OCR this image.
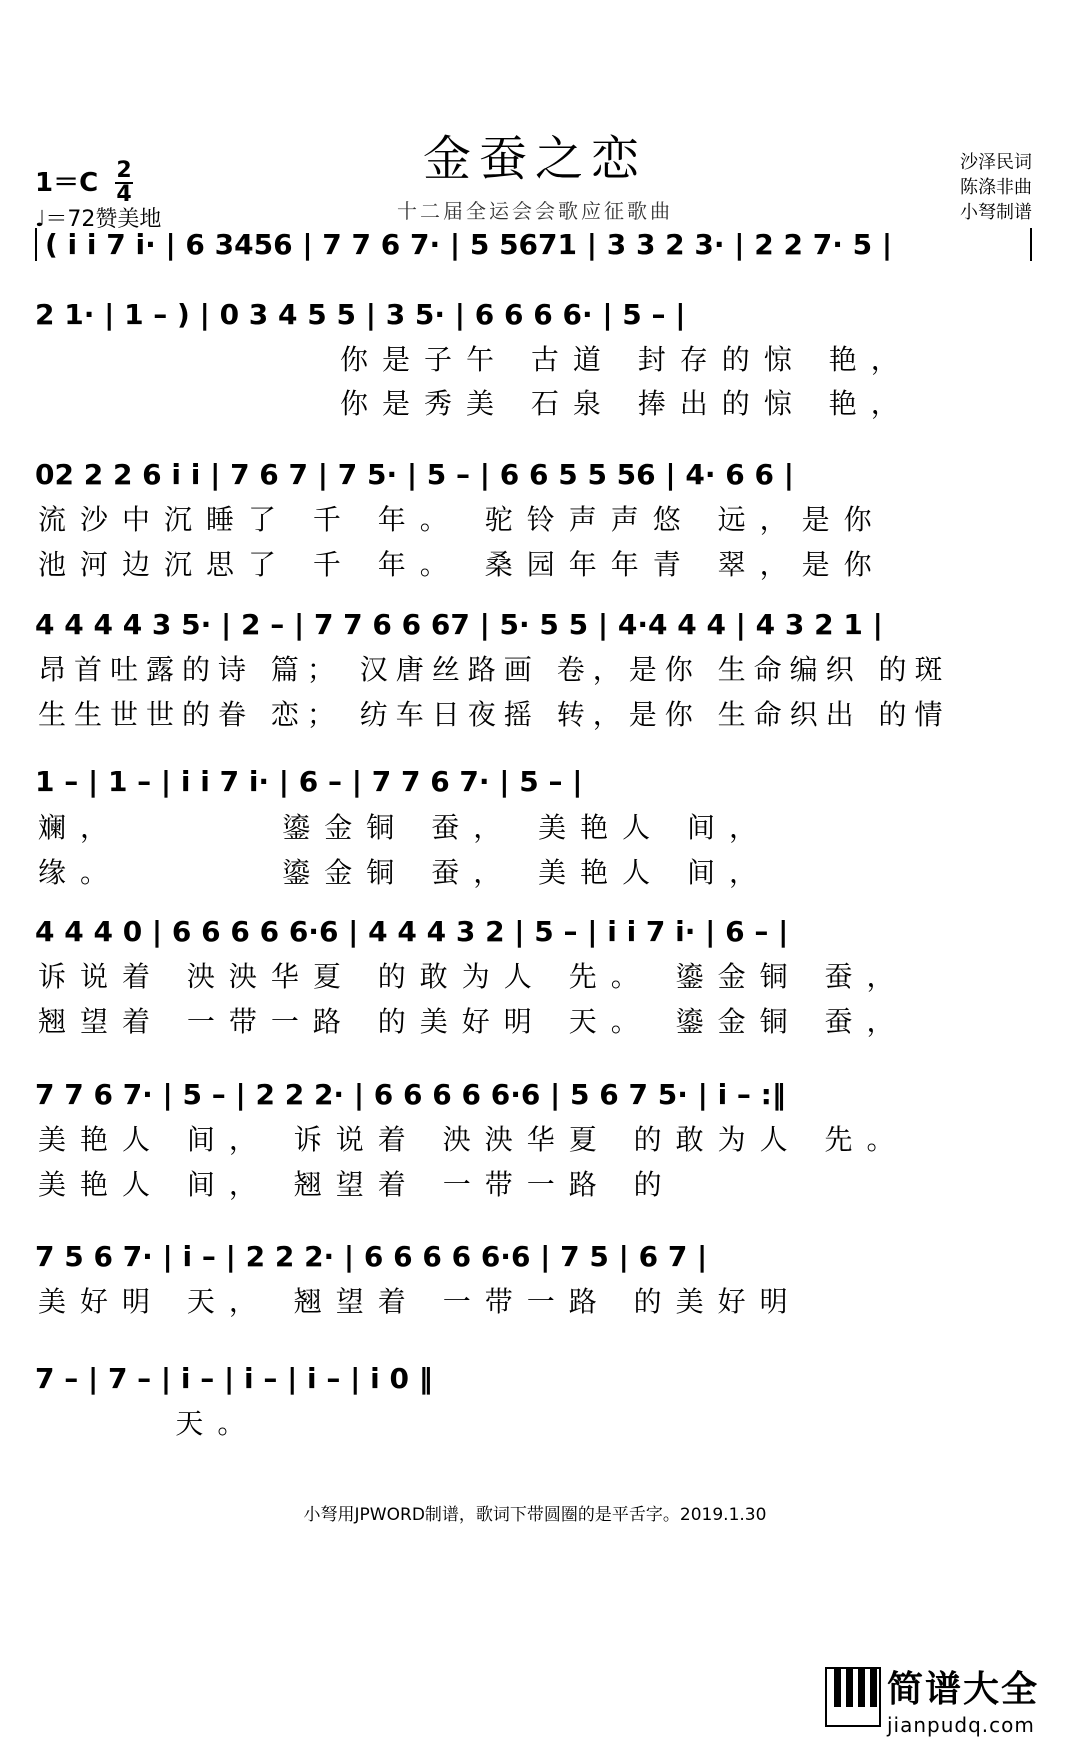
金蚕之恋
十二届全运会会歌应征歌曲
沙泽民词
陈涤非曲
小弩制谱
1＝C 2
4
♩＝72赞美地
( i i 7 i· | 6 3456 | 7 7 6 7· | 5 5671 | 3 3 2 3· | 2 2 7· 5 |
2 1· | 1 – ) | 0 3 4 5 5 | 3 5· | 6 6 6 6· | 5 – |
你是子午 古道 封存的惊 艳，
你是秀美 石泉 捧出的惊 艳，
02 2 2 6 i i | 7 6 7 | 7 5· | 5 – | 6 6 5 5 56 | 4· 6 6 |
流沙中沉睡了 千 年。 驼铃声声悠 远，是你
池河边沉思了 千 年。 桑园年年青 翠，是你
4 4 4 4 3 5· | 2 – | 7 7 6 6 67 | 5· 5 5 | 4·4 4 4 | 4 3 2 1 |
昂首吐露的诗 篇； 汉唐丝路画 卷，是你 生命编织 的斑
生生世世的眷 恋； 纺车日夜摇 转，是你 生命织出 的情
1 – | 1 – | i i 7 i· | 6 – | 7 7 6 7· | 5 – |
斓，       鎏金铜 蚕， 美艳人 间，
缘。       鎏金铜 蚕， 美艳人 间，
4 4 4 0 | 6 6 6 6 6·6 | 4 4 4 3 2 | 5 – | i i 7 i· | 6 – |
诉说着 泱泱华夏 的敢为人 先。 鎏金铜 蚕，
翘望着 一带一路 的美好明 天。 鎏金铜 蚕，
7 7 6 7· | 5 – | 2 2 2· | 6 6 6 6 6·6 | 5 6 7 5· | i – :‖
美艳人 间， 诉说着 泱泱华夏 的敢为人 先。
美艳人 间， 翘望着 一带一路 的
7 5 6 7· | i – | 2 2 2· | 6 6 6 6 6·6 | 7 5 | 6 7 |
美好明 天， 翘望着 一带一路 的美好明
7 – | 7 – | i – | i – | i – | i 0 ‖
天。
小弩用JPWORD制谱，歌词下带圆圈的是平舌字。2019.1.30
简谱大全
jianpudq.com
